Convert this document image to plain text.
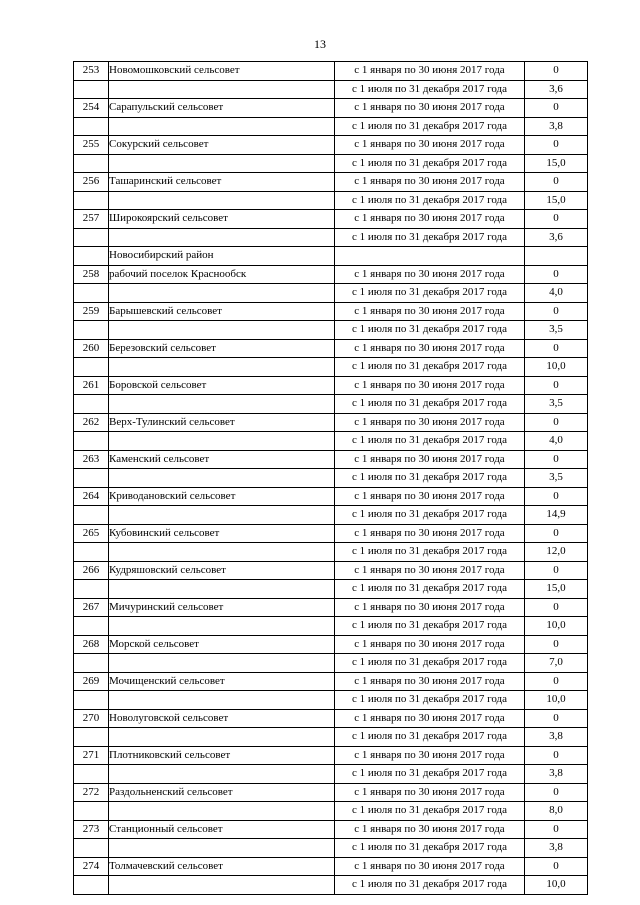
13
253	Новомошковский сельсовет	с 1 января по 30 июня 2017 года	0
		с 1 июля по 31 декабря 2017 года	3,6
254	Сарапульский сельсовет	с 1 января по 30 июня 2017 года	0
		с 1 июля по 31 декабря 2017 года	3,8
255	Сокурский сельсовет	с 1 января по 30 июня 2017 года	0
		с 1 июля по 31 декабря 2017 года	15,0
256	Ташаринский сельсовет	с 1 января по 30 июня 2017 года	0
		с 1 июля по 31 декабря 2017 года	15,0
257	Широкоярский сельсовет	с 1 января по 30 июня 2017 года	0
		с 1 июля по 31 декабря 2017 года	3,6
	Новосибирский район		
258	рабочий поселок Краснообск	с 1 января по 30 июня 2017 года	0
		с 1 июля по 31 декабря 2017 года	4,0
259	Барышевский сельсовет	с 1 января по 30 июня 2017 года	0
		с 1 июля по 31 декабря 2017 года	3,5
260	Березовский сельсовет	с 1 января по 30 июня 2017 года	0
		с 1 июля по 31 декабря 2017 года	10,0
261	Боровской сельсовет	с 1 января по 30 июня 2017 года	0
		с 1 июля по 31 декабря 2017 года	3,5
262	Верх-Тулинский сельсовет	с 1 января по 30 июня 2017 года	0
		с 1 июля по 31 декабря 2017 года	4,0
263	Каменский сельсовет	с 1 января по 30 июня 2017 года	0
		с 1 июля по 31 декабря 2017 года	3,5
264	Криводановский сельсовет	с 1 января по 30 июня 2017 года	0
		с 1 июля по 31 декабря 2017 года	14,9
265	Кубовинский сельсовет	с 1 января по 30 июня 2017 года	0
		с 1 июля по 31 декабря 2017 года	12,0
266	Кудряшовский сельсовет	с 1 января по 30 июня 2017 года	0
		с 1 июля по 31 декабря 2017 года	15,0
267	Мичуринский сельсовет	с 1 января по 30 июня 2017 года	0
		с 1 июля по 31 декабря 2017 года	10,0
268	Морской сельсовет	с 1 января по 30 июня 2017 года	0
		с 1 июля по 31 декабря 2017 года	7,0
269	Мочищенский сельсовет	с 1 января по 30 июня 2017 года	0
		с 1 июля по 31 декабря 2017 года	10,0
270	Новолуговской сельсовет	с 1 января по 30 июня 2017 года	0
		с 1 июля по 31 декабря 2017 года	3,8
271	Плотниковский сельсовет	с 1 января по 30 июня 2017 года	0
		с 1 июля по 31 декабря 2017 года	3,8
272	Раздольненский сельсовет	с 1 января по 30 июня 2017 года	0
		с 1 июля по 31 декабря 2017 года	8,0
273	Станционный сельсовет	с 1 января по 30 июня 2017 года	0
		с 1 июля по 31 декабря 2017 года	3,8
274	Толмачевский сельсовет	с 1 января по 30 июня 2017 года	0
		с 1 июля по 31 декабря 2017 года	10,0
